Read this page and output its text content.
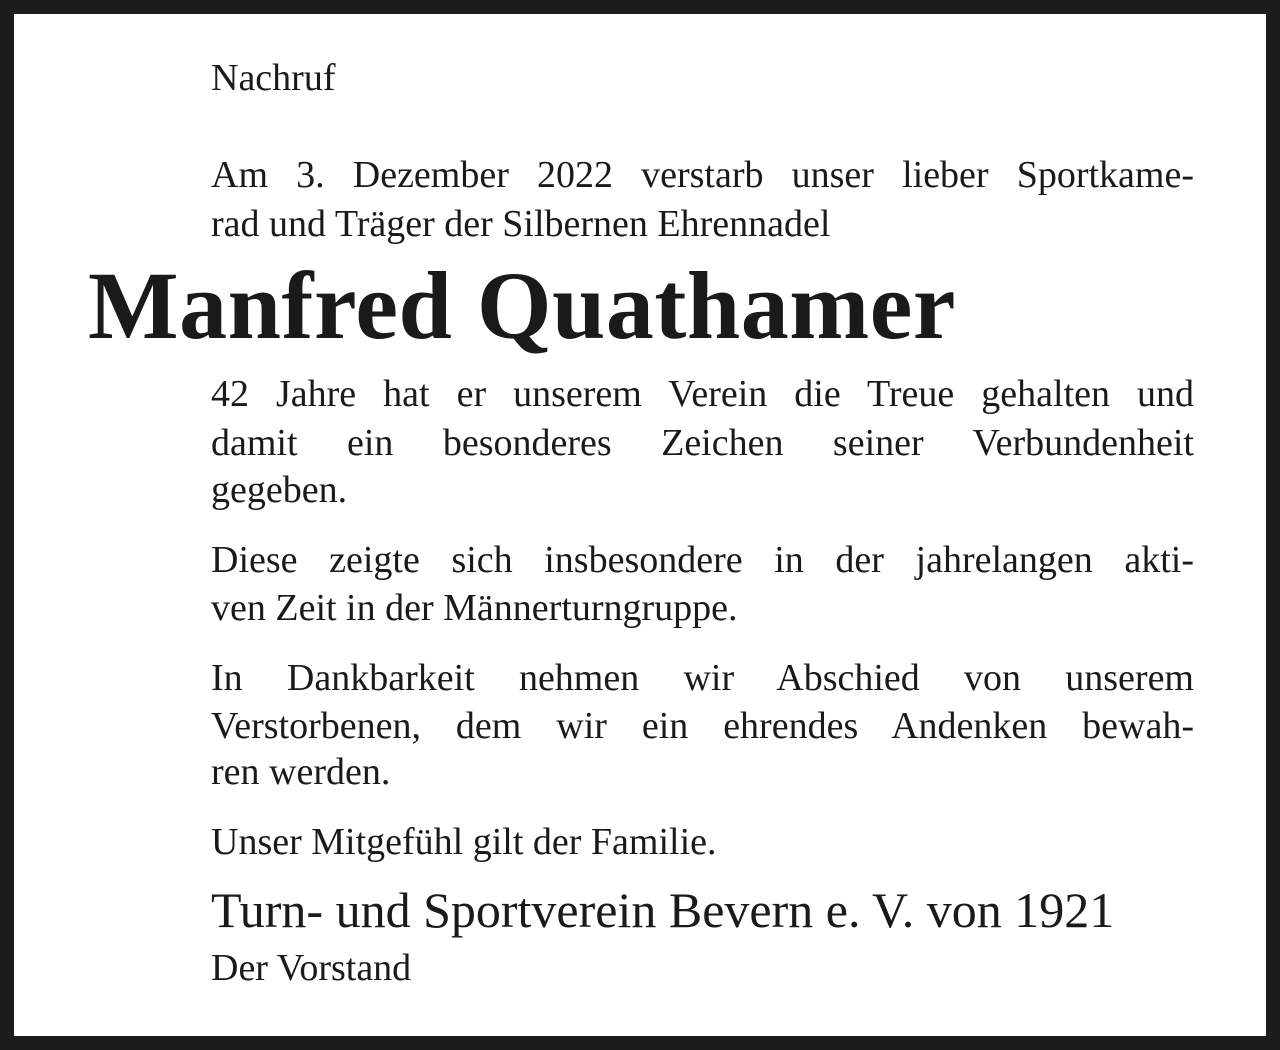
Nachruf

Am 3. Dezember 2022 verstarb unser lieber Sportkame-

rad und Träger der Silbernen Ehrennadel

Manfred Quathamer

42 Jahre hat er unserem Verein die Treue gehalten und

damit ein besonderes Zeichen seiner Verbundenheit

gegeben.

Diese zeigte sich insbesondere in der jahrelangen akti-

ven Zeit in der Männerturngruppe.

In Dankbarkeit nehmen wir Abschied von unserem

Verstorbenen, dem wir ein ehrendes Andenken bewah-

ren werden.

Unser Mitgefühl gilt der Familie.

Turn- und Sportverein Bevern e. V. von 1921

Der Vorstand
